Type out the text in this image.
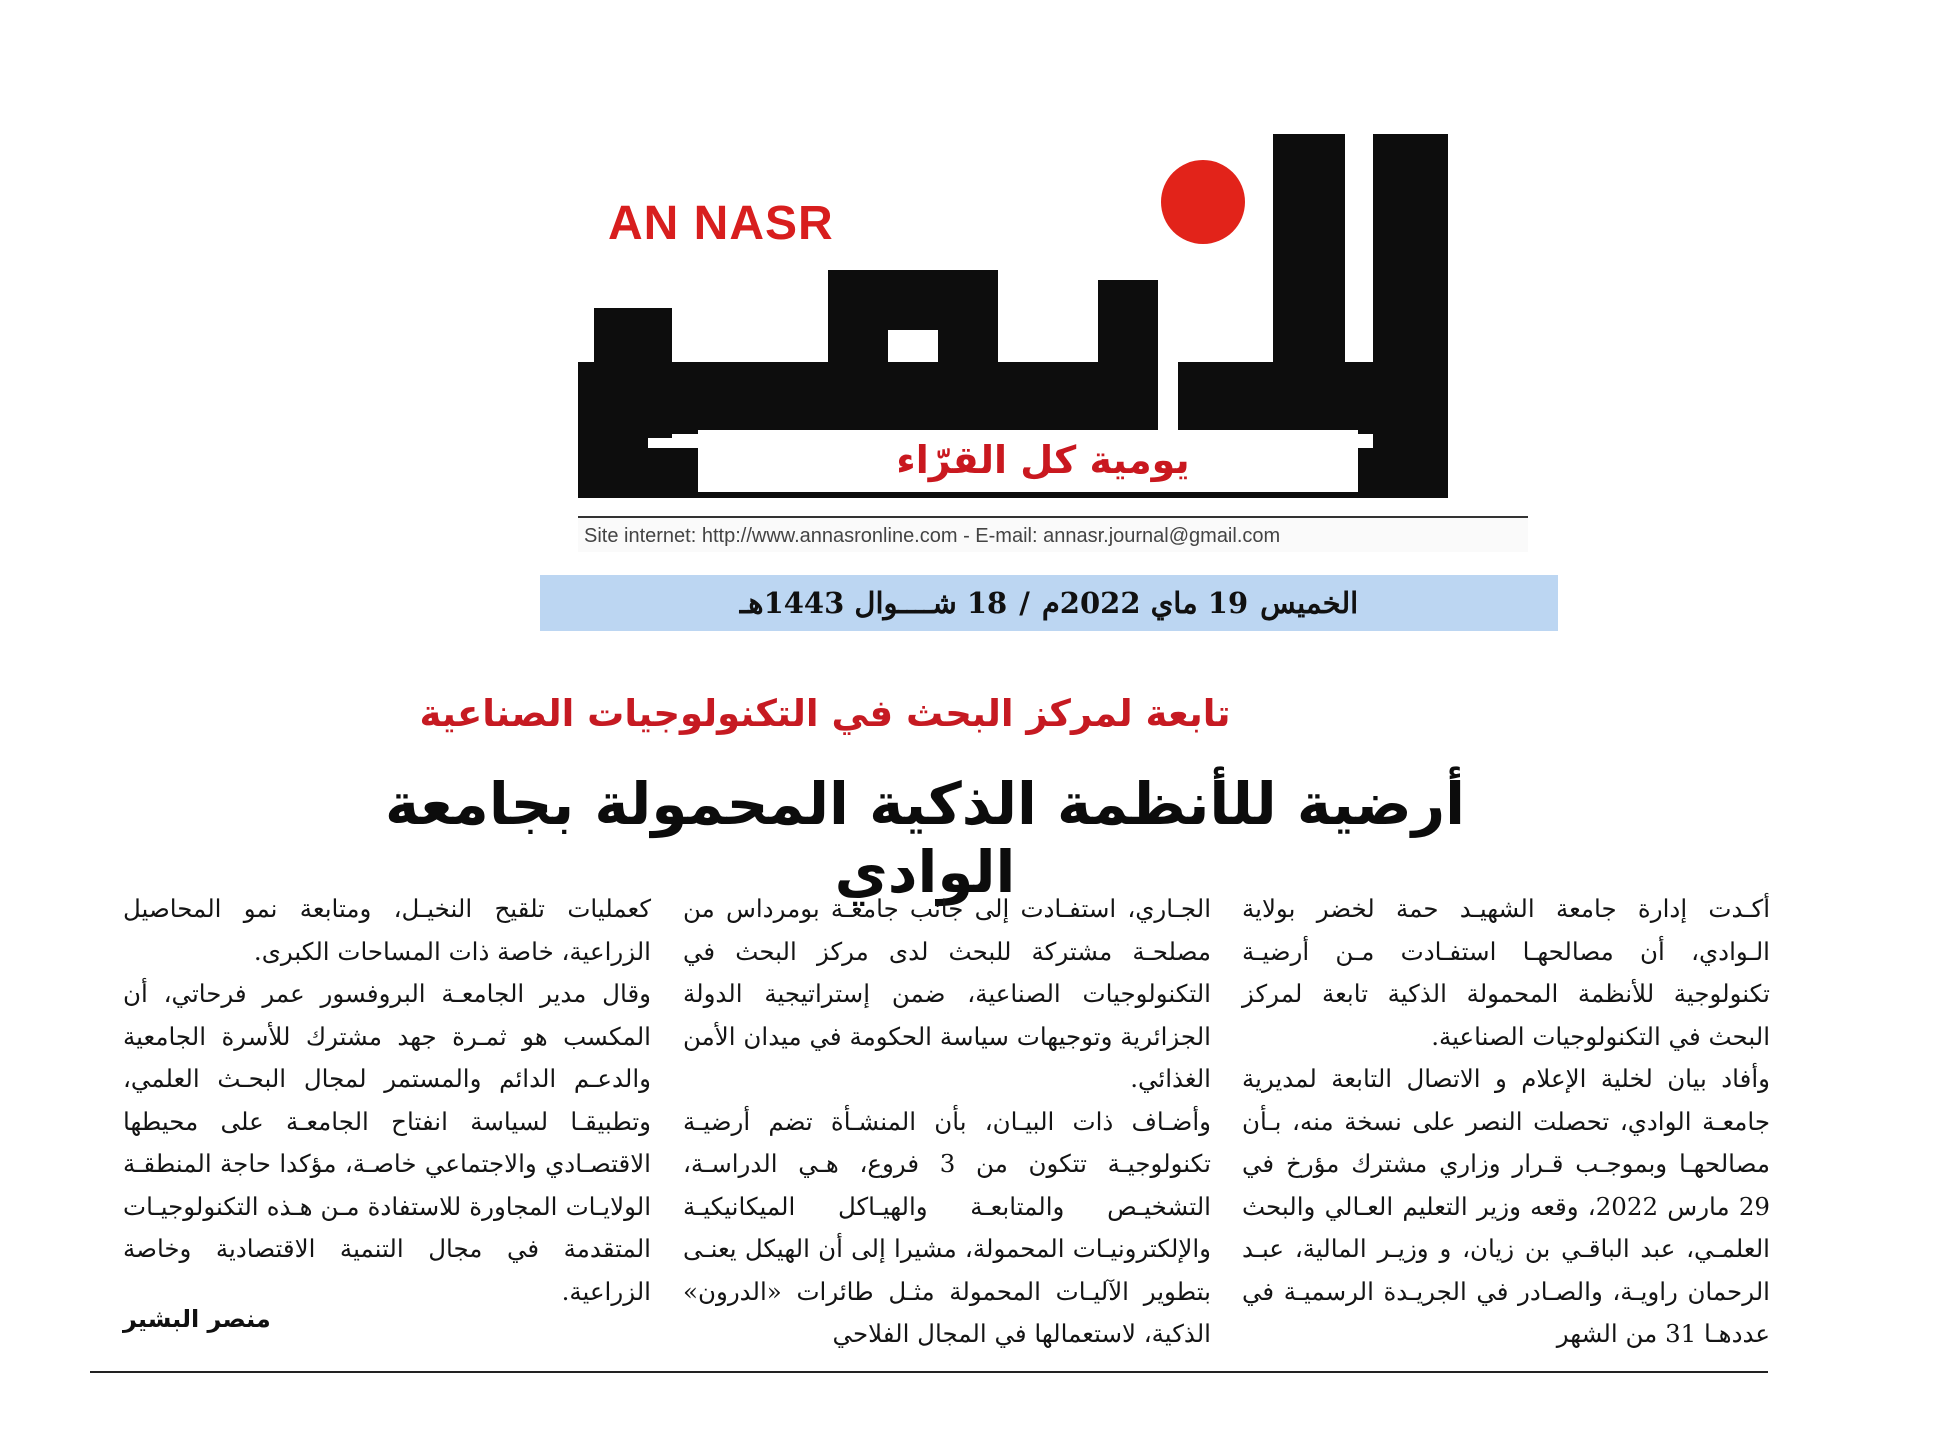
AN NASR
يومية كل القرّاء
Site internet: http://www.annasronline.com - E-mail: annasr.journal@gmail.com
الخميس
19 ماي 2022م
/
18 شــــوال 1443هـ
تابعة لمركز البحث في التكنولوجيات الصناعية
أرضية للأنظمة الذكية المحمولة بجامعة الوادي

أكـدت إدارة جامعة الشهيـد حمة لخضر بولاية الـوادي، أن مصالحهـا استفـادت مـن أرضيـة تكنولوجية للأنظمة المحمولة الذكية تابعة لمركز البحث في التكنولوجيات الصناعية.

وأفاد بيان لخلية الإعلام و الاتصال التابعة لمديرية جامعـة الوادي، تحصلت النصر على نسخة منه، بـأن مصالحهـا وبموجـب قـرار وزاري مشترك مؤرخ في 29 مارس 2022، وقعه وزير التعليم العـالي والبحث العلمـي، عبد الباقـي بن زيان، و وزيـر المالية، عبـد الرحمان راويـة، والصـادر في الجريـدة الرسميـة في عددهـا 31 من الشهر

الجـاري، استفـادت إلى جانب جامعـة بومرداس من مصلحـة مشتركة للبحث لدى مركز البحث في التكنولوجيات الصناعية، ضمن إستراتيجية الدولة الجزائرية وتوجيهات سياسة الحكومة في ميدان الأمن الغذائي.

وأضـاف ذات البيـان، بأن المنشـأة تضم أرضيـة تكنولوجيـة تتكون من 3 فروع، هـي الدراسـة، التشخيـص والمتابعـة والهيـاكل الميكانيكيـة والإلكترونيـات المحمولة، مشيرا إلى أن الهيكل يعنـى بتطوير الآليـات المحمولة مثـل طائرات «الدرون» الذكية، لاستعمالها في المجال الفلاحي

كعمليات تلقيح النخيـل، ومتابعة نمو المحاصيل الزراعية، خاصة ذات المساحات الكبرى.

وقال مدير الجامعـة البروفسور عمر فرحاتي، أن المكسب هو ثمـرة جهد مشترك للأسرة الجامعية والدعـم الدائم والمستمر لمجال البحـث العلمي، وتطبيقـا لسياسة انفتاح الجامعـة على محيطها الاقتصـادي والاجتماعي خاصـة، مؤكدا حاجة المنطقـة الولايـات المجاورة للاستفادة مـن هـذه التكنولوجيـات المتقدمة في مجال التنمية الاقتصادية وخاصة الزراعية.

منصر البشير
